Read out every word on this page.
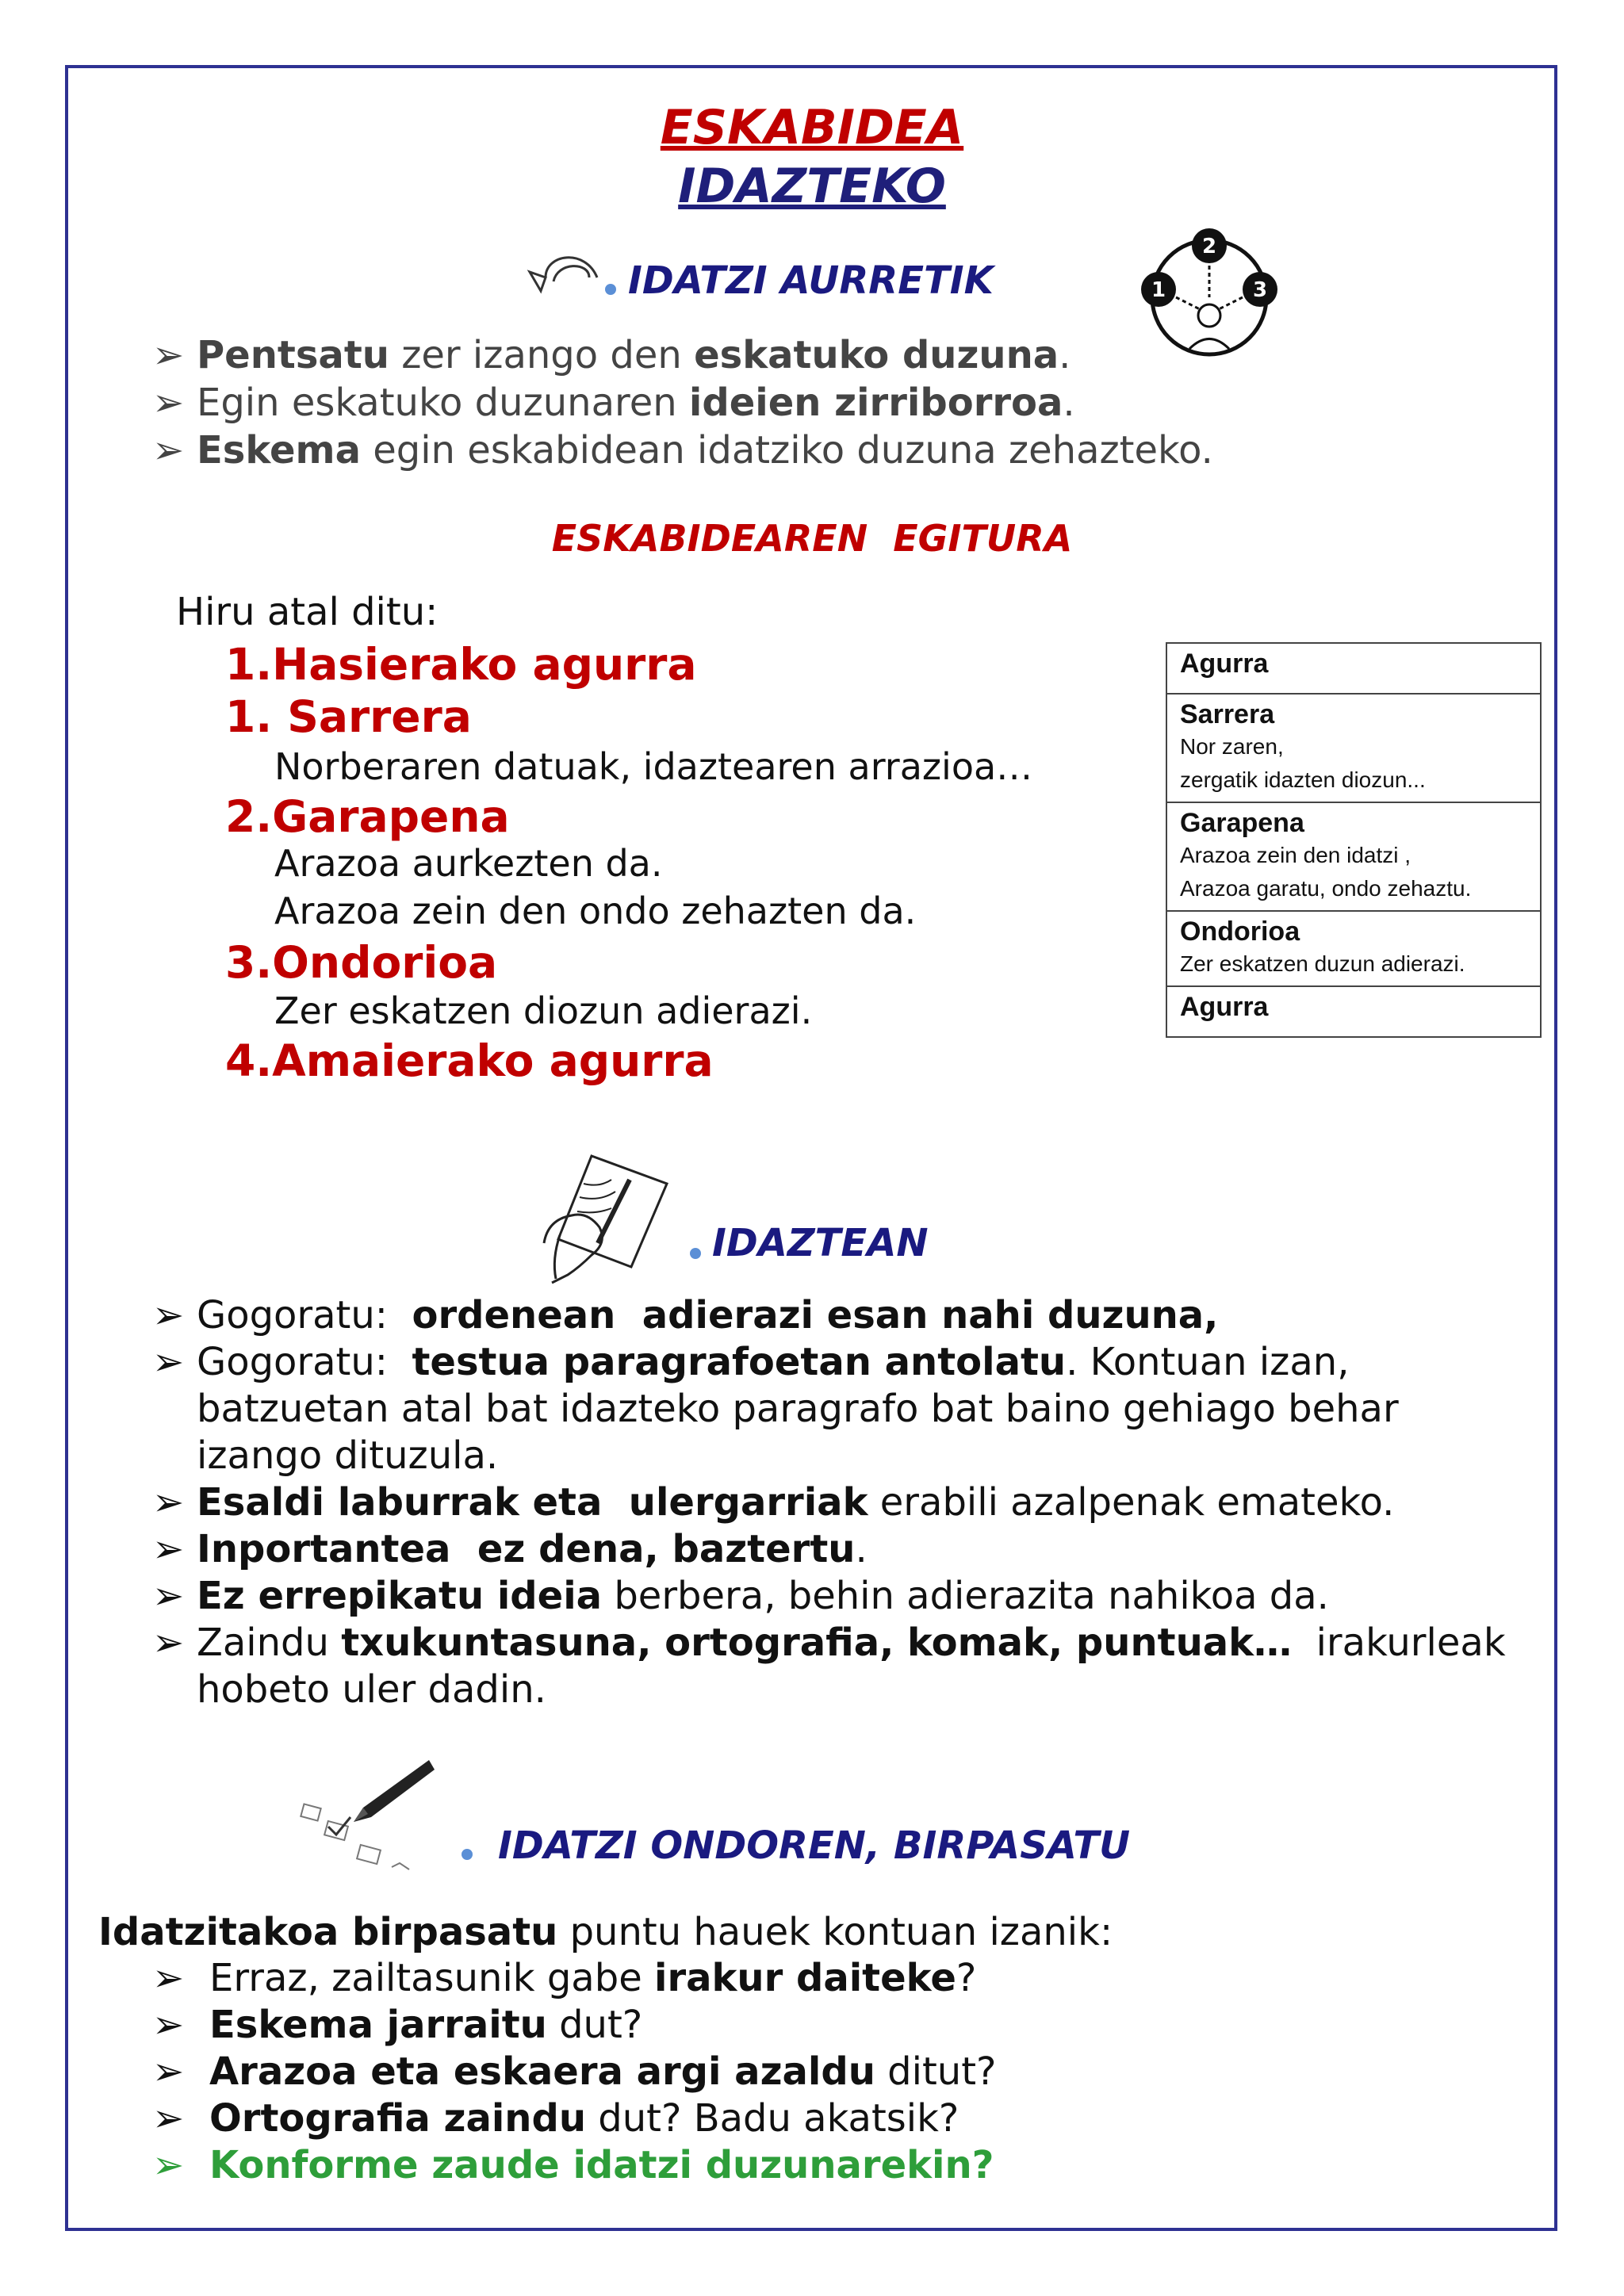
ESKABIDEA
IDAZTEKO
IDATZI AURRETIK
2
1	3
➢ Pentsatu zer izango den eskatuko duzuna.
➢ Egin eskatuko duzunaren ideien zirriborroa.
➢ Eskema egin eskabidean idatziko duzuna zehazteko.
ESKABIDEAREN  EGITURA
Hiru atal ditu:
1.Hasierako agurra
1. Sarrera
Norberaren datuak, idaztearen arrazioa…
2.Garapena
Arazoa aurkezten da.
Arazoa zein den ondo zehazten da.
3.Ondorioa
Zer eskatzen diozun adierazi.
4.Amaierako agurra
Agurra

Sarrera
Nor zaren,
zergatik idazten diozun...

Garapena
Arazoa zein den idatzi ,
Arazoa garatu, ondo zehaztu.

Ondorioa
Zer eskatzen duzun adierazi.

Agurra
IDAZTEAN
➢ Gogoratu:  ordenean  adierazi esan nahi duzuna,
➢ Gogoratu:  testua paragrafoetan antolatu. Kontuan izan, batzuetan atal bat idazteko paragrafo bat baino gehiago behar izango dituzula.
➢ Esaldi laburrak eta  ulergarriak erabili azalpenak emateko.
➢ Inportantea  ez dena, baztertu.
➢ Ez errepikatu ideia berbera, behin adierazita nahikoa da.
➢ Zaindu txukuntasuna, ortografia, komak, puntuak…  irakurleak hobeto uler dadin.
IDATZI ONDOREN, BIRPASATU
Idatzitakoa birpasatu puntu hauek kontuan izanik:
➢ Erraz, zailtasunik gabe irakur daiteke?
➢ Eskema jarraitu dut?
➢ Arazoa eta eskaera argi azaldu ditut?
➢ Ortografia zaindu dut? Badu akatsik?
➢ Konforme zaude idatzi duzunarekin?
